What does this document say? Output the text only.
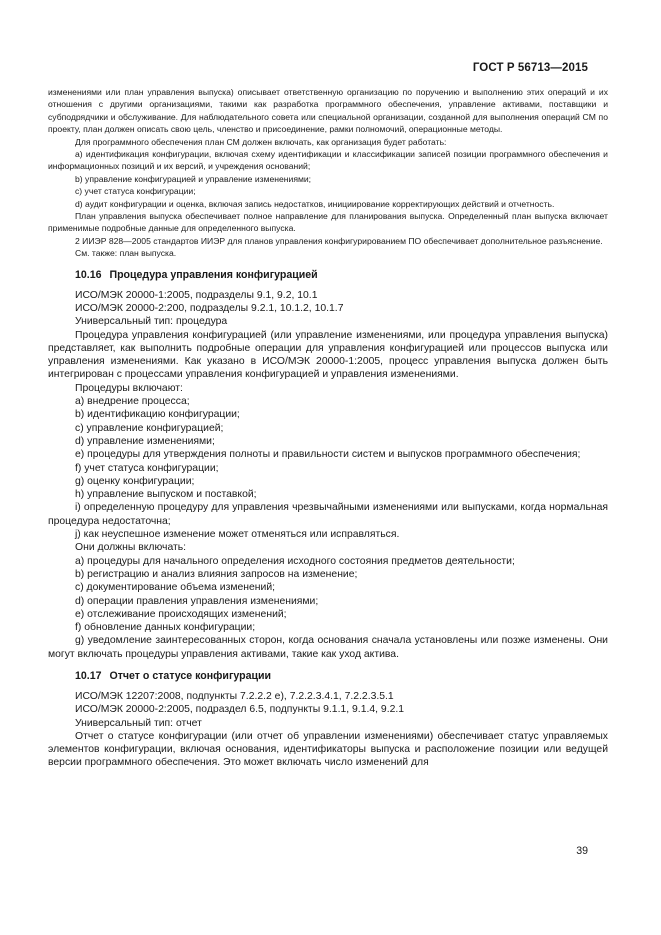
ГОСТ Р 56713—2015

изменениями или план управления выпуска) описывает ответственную организацию по поручению и выполнению этих операций и их отношения с другими организациями, такими как разработка программного обеспечения, управление активами, поставщики и субподрядчики и обслуживание. Для наблюдательного совета или специальной организации, созданной для выполнения операций CM по проекту, план должен описать свою цель, членство и присоединение, рамки полномочий, операционные методы.

Для программного обеспечения план СМ должен включать, как организация будет работать:

a) идентификация конфигурации, включая схему идентификации и классификации записей позиции программного обеспечения и информационных позиций и их версий, и учреждения оснований;

b) управление конфигурацией и управление изменениями;

c) учет статуса конфигурации;

d) аудит конфигурации и оценка, включая запись недостатков, инициирование корректирующих действий и отчетность.

План управления выпуска обеспечивает полное направление для планирования выпуска. Определенный план выпуска включает применимые подробные данные для определенного выпуска.

2 ИИЭР 828—2005 стандартов ИИЭР для планов управления конфигурированием ПО обеспечивает дополнительное разъяснение.

См. также: план выпуска.

10.16 Процедура управления конфигурацией

ИСО/МЭК 20000-1:2005, подразделы 9.1, 9.2, 10.1

ИСО/МЭК 20000-2:200, подразделы 9.2.1, 10.1.2, 10.1.7

Универсальный тип: процедура

Процедура управления конфигурацией (или управление изменениями, или процедура управления выпуска) представляет, как выполнить подробные операции для управления конфигурацией или процессов выпуска или управления изменениями. Как указано в ИСО/МЭК 20000-1:2005, процесс управления выпуска должен быть интегрирован с процессами управления конфигурацией и управления изменениями.

Процедуры включают:

a) внедрение процесса;

b) идентификацию конфигурации;

c) управление конфигурацией;

d) управление изменениями;

e) процедуры для утверждения полноты и правильности систем и выпусков программного обеспечения;

f) учет статуса конфигурации;

g) оценку конфигурации;

h) управление выпуском и поставкой;

i) определенную процедуру для управления чрезвычайными изменениями или выпусками, когда нормальная процедура недостаточна;

j) как неуспешное изменение может отменяться или исправляться.

Они должны включать:

a) процедуры для начального определения исходного состояния предметов деятельности;

b) регистрацию и анализ влияния запросов на изменение;

c) документирование объема изменений;

d) операции правления управления изменениями;

e) отслеживание происходящих изменений;

f) обновление данных конфигурации;

g) уведомление заинтересованных сторон, когда основания сначала установлены или позже изменены. Они могут включать процедуры управления активами, такие как уход актива.

10.17 Отчет о статусе конфигурации

ИСО/МЭК 12207:2008, подпункты 7.2.2.2 е), 7.2.2.3.4.1, 7.2.2.3.5.1

ИСО/МЭК 20000-2:2005, подраздел 6.5, подпункты 9.1.1, 9.1.4, 9.2.1

Универсальный тип: отчет

Отчет о статусе конфигурации (или отчет об управлении изменениями) обеспечивает статус управляемых элементов конфигурации, включая основания, идентификаторы выпуска и расположение позиции или ведущей версии программного обеспечения. Это может включать число изменений для

39
